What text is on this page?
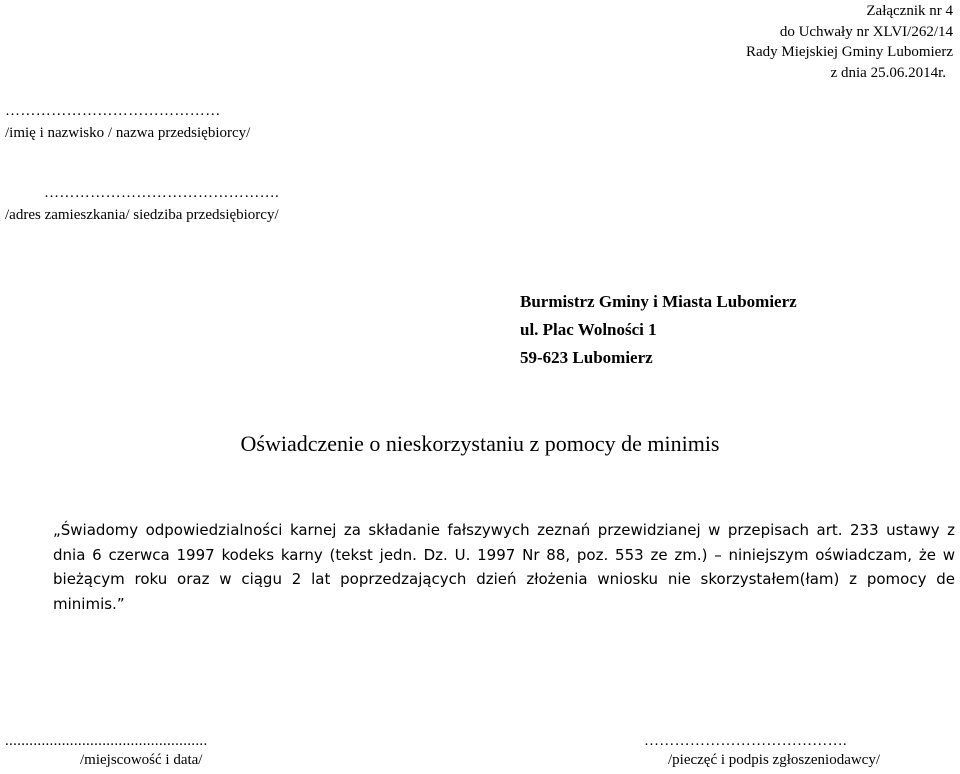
Załącznik nr 4
do Uchwały nr XLVI/262/14
Rady Miejskiej Gminy Lubomierz
z dnia 25.06.2014r.
……………………………………
/imię i nazwisko / nazwa przedsiębiorcy/
……………………………………….
/adres zamieszkania/ siedziba przedsiębiorcy/
Burmistrz Gminy i Miasta Lubomierz
ul. Plac Wolności 1
59-623 Lubomierz
Oświadczenie o nieskorzystaniu z pomocy de minimis
„Świadomy odpowiedzialności karnej za składanie fałszywych zeznań przewidzianej w przepisach art. 233 ustawy z dnia 6 czerwca 1997 kodeks karny (tekst jedn. Dz. U. 1997 Nr 88, poz. 553 ze zm.) – niniejszym oświadczam, że w bieżącym roku oraz w ciągu 2 lat poprzedzających dzień złożenia wniosku nie skorzystałem(łam) z pomocy de minimis.”
..................................................
/miejscowość i data/
………………………………….
/pieczęć i podpis zgłoszeniodawcy/
